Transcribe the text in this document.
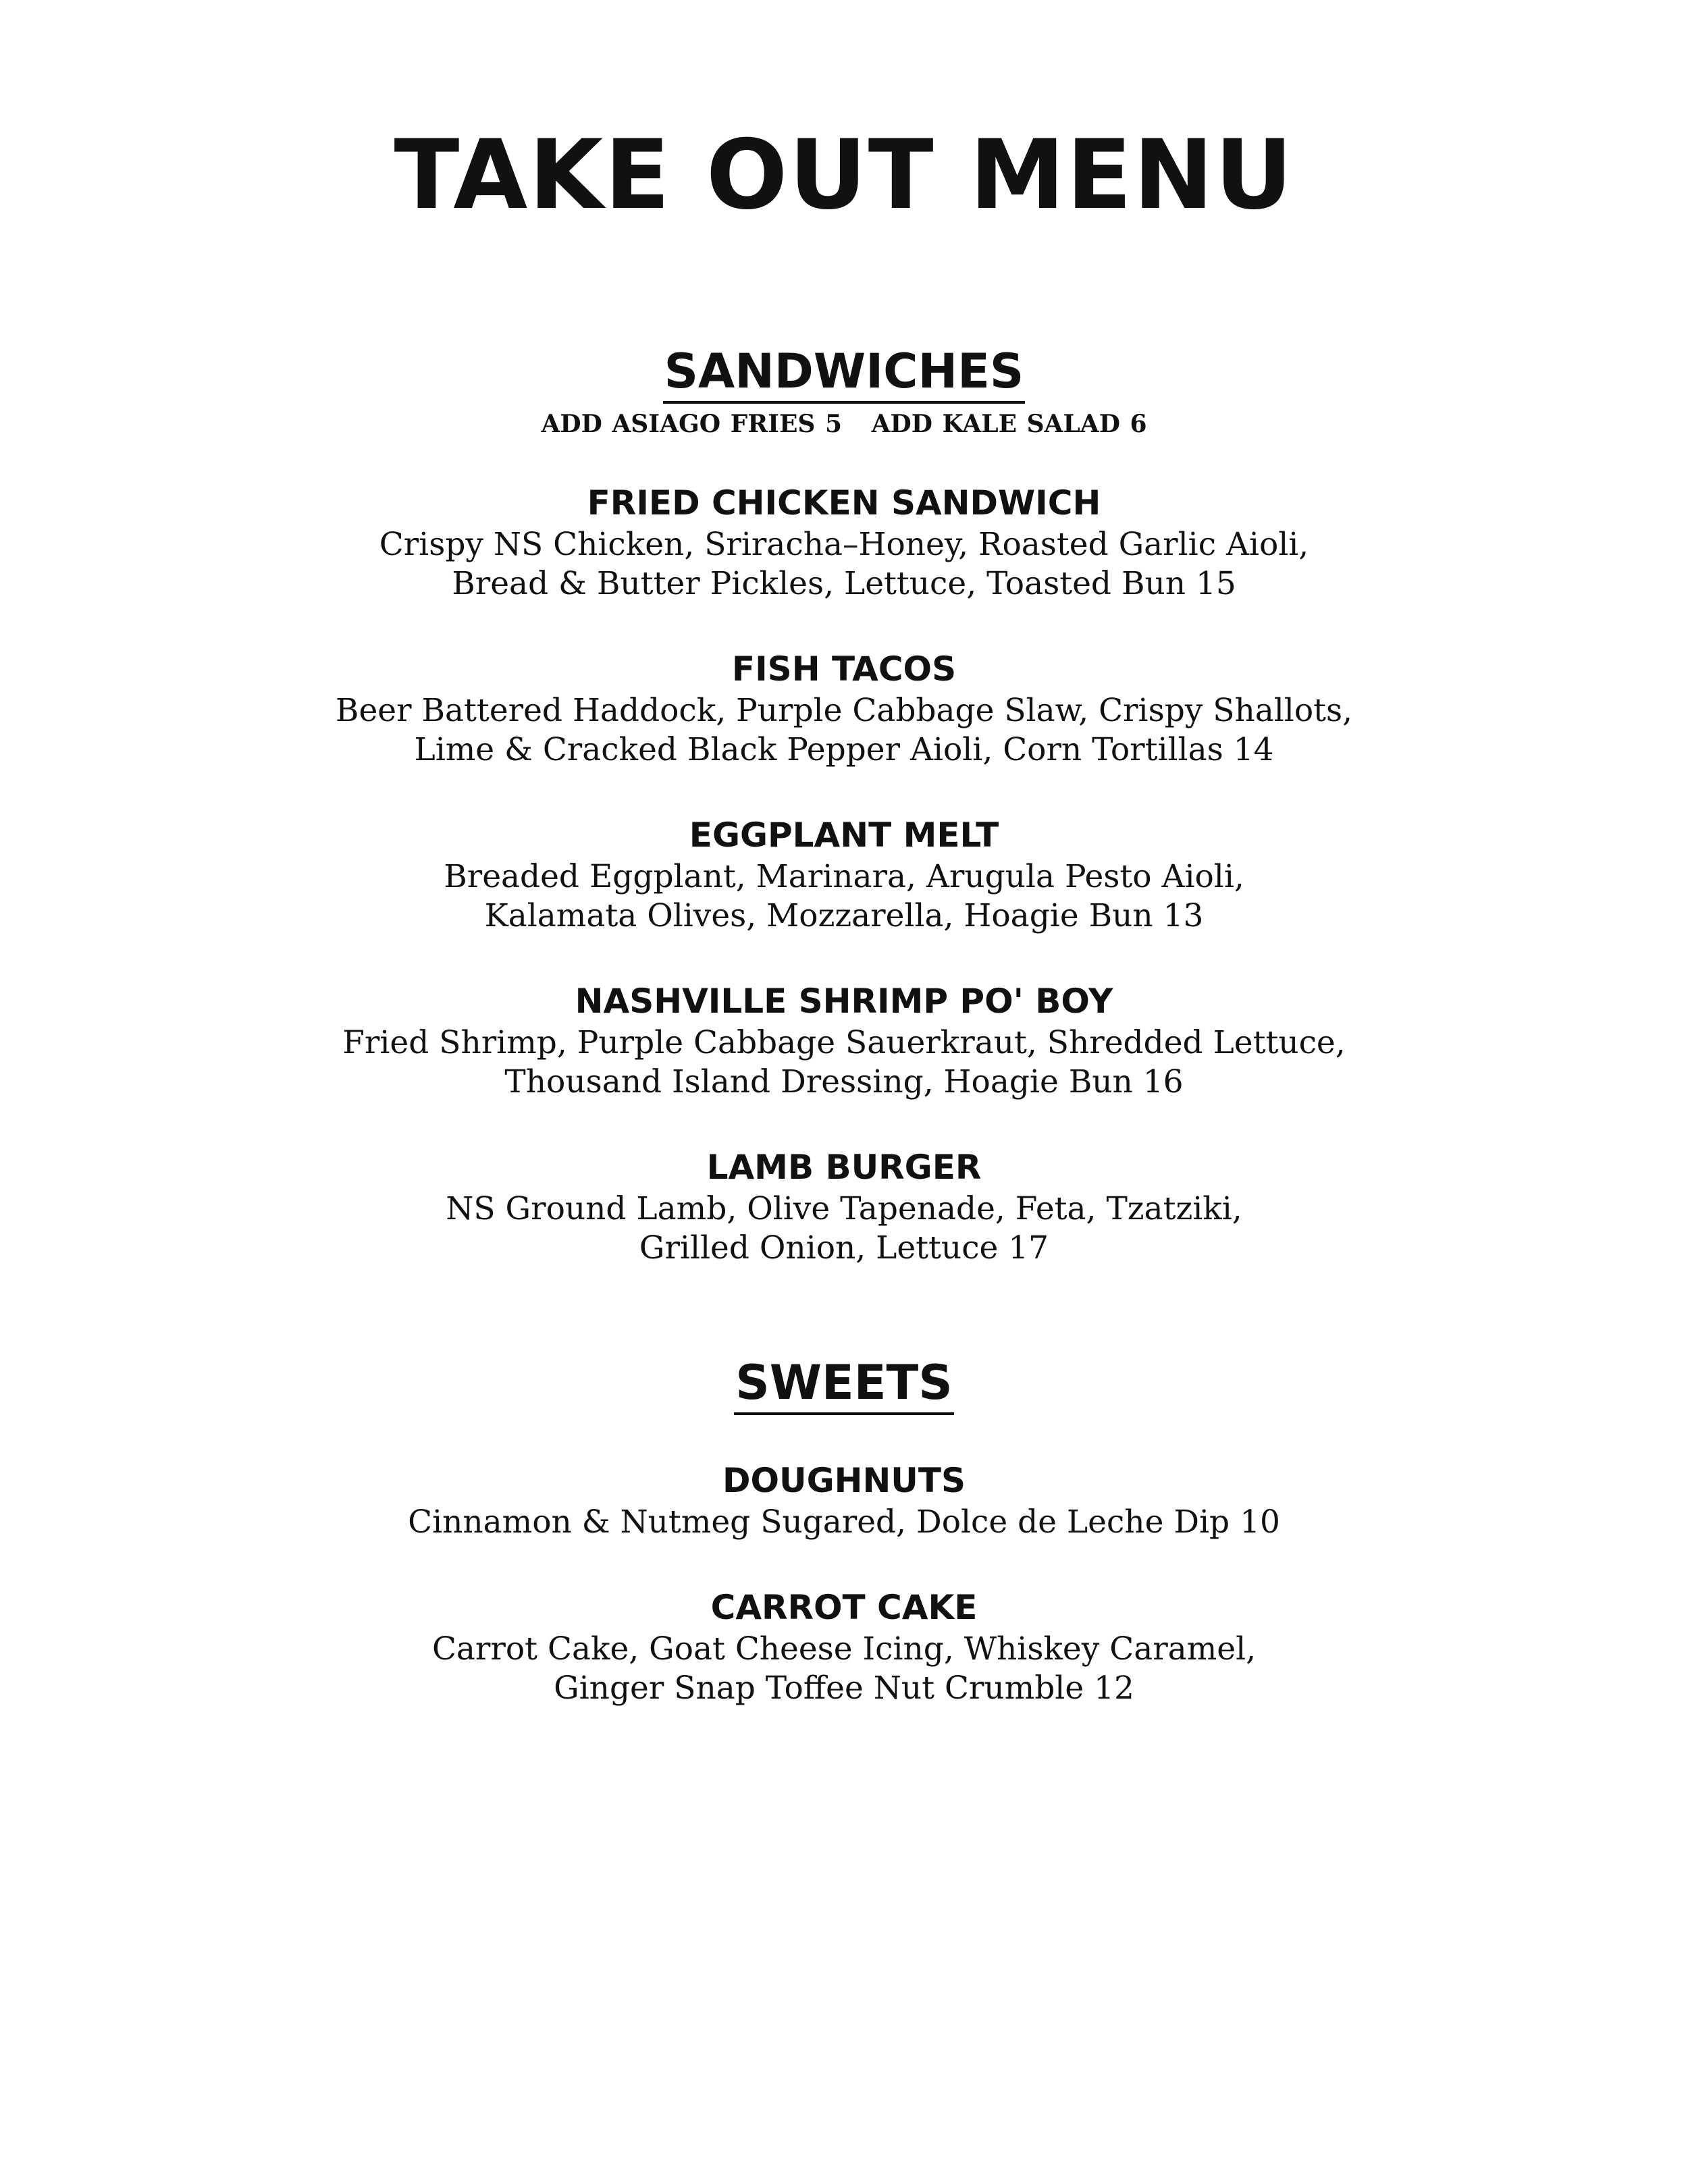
TAKE OUT MENU
SANDWICHES

ADD ASIAGO FRIES 5   ADD KALE SALAD 6

FRIED CHICKEN SANDWICH

Crispy NS Chicken, Sriracha–Honey, Roasted Garlic Aioli,

Bread & Butter Pickles, Lettuce, Toasted Bun 15

FISH TACOS

Beer Battered Haddock, Purple Cabbage Slaw, Crispy Shallots,

Lime & Cracked Black Pepper Aioli, Corn Tortillas 14

EGGPLANT MELT

Breaded Eggplant, Marinara, Arugula Pesto Aioli,

Kalamata Olives, Mozzarella, Hoagie Bun 13

NASHVILLE SHRIMP PO' BOY

Fried Shrimp, Purple Cabbage Sauerkraut, Shredded Lettuce,

Thousand Island Dressing, Hoagie Bun 16

LAMB BURGER

NS Ground Lamb, Olive Tapenade, Feta, Tzatziki,

Grilled Onion, Lettuce 17

SWEETS

DOUGHNUTS

Cinnamon & Nutmeg Sugared, Dolce de Leche Dip 10

CARROT CAKE

Carrot Cake, Goat Cheese Icing, Whiskey Caramel,

Ginger Snap Toffee Nut Crumble 12
